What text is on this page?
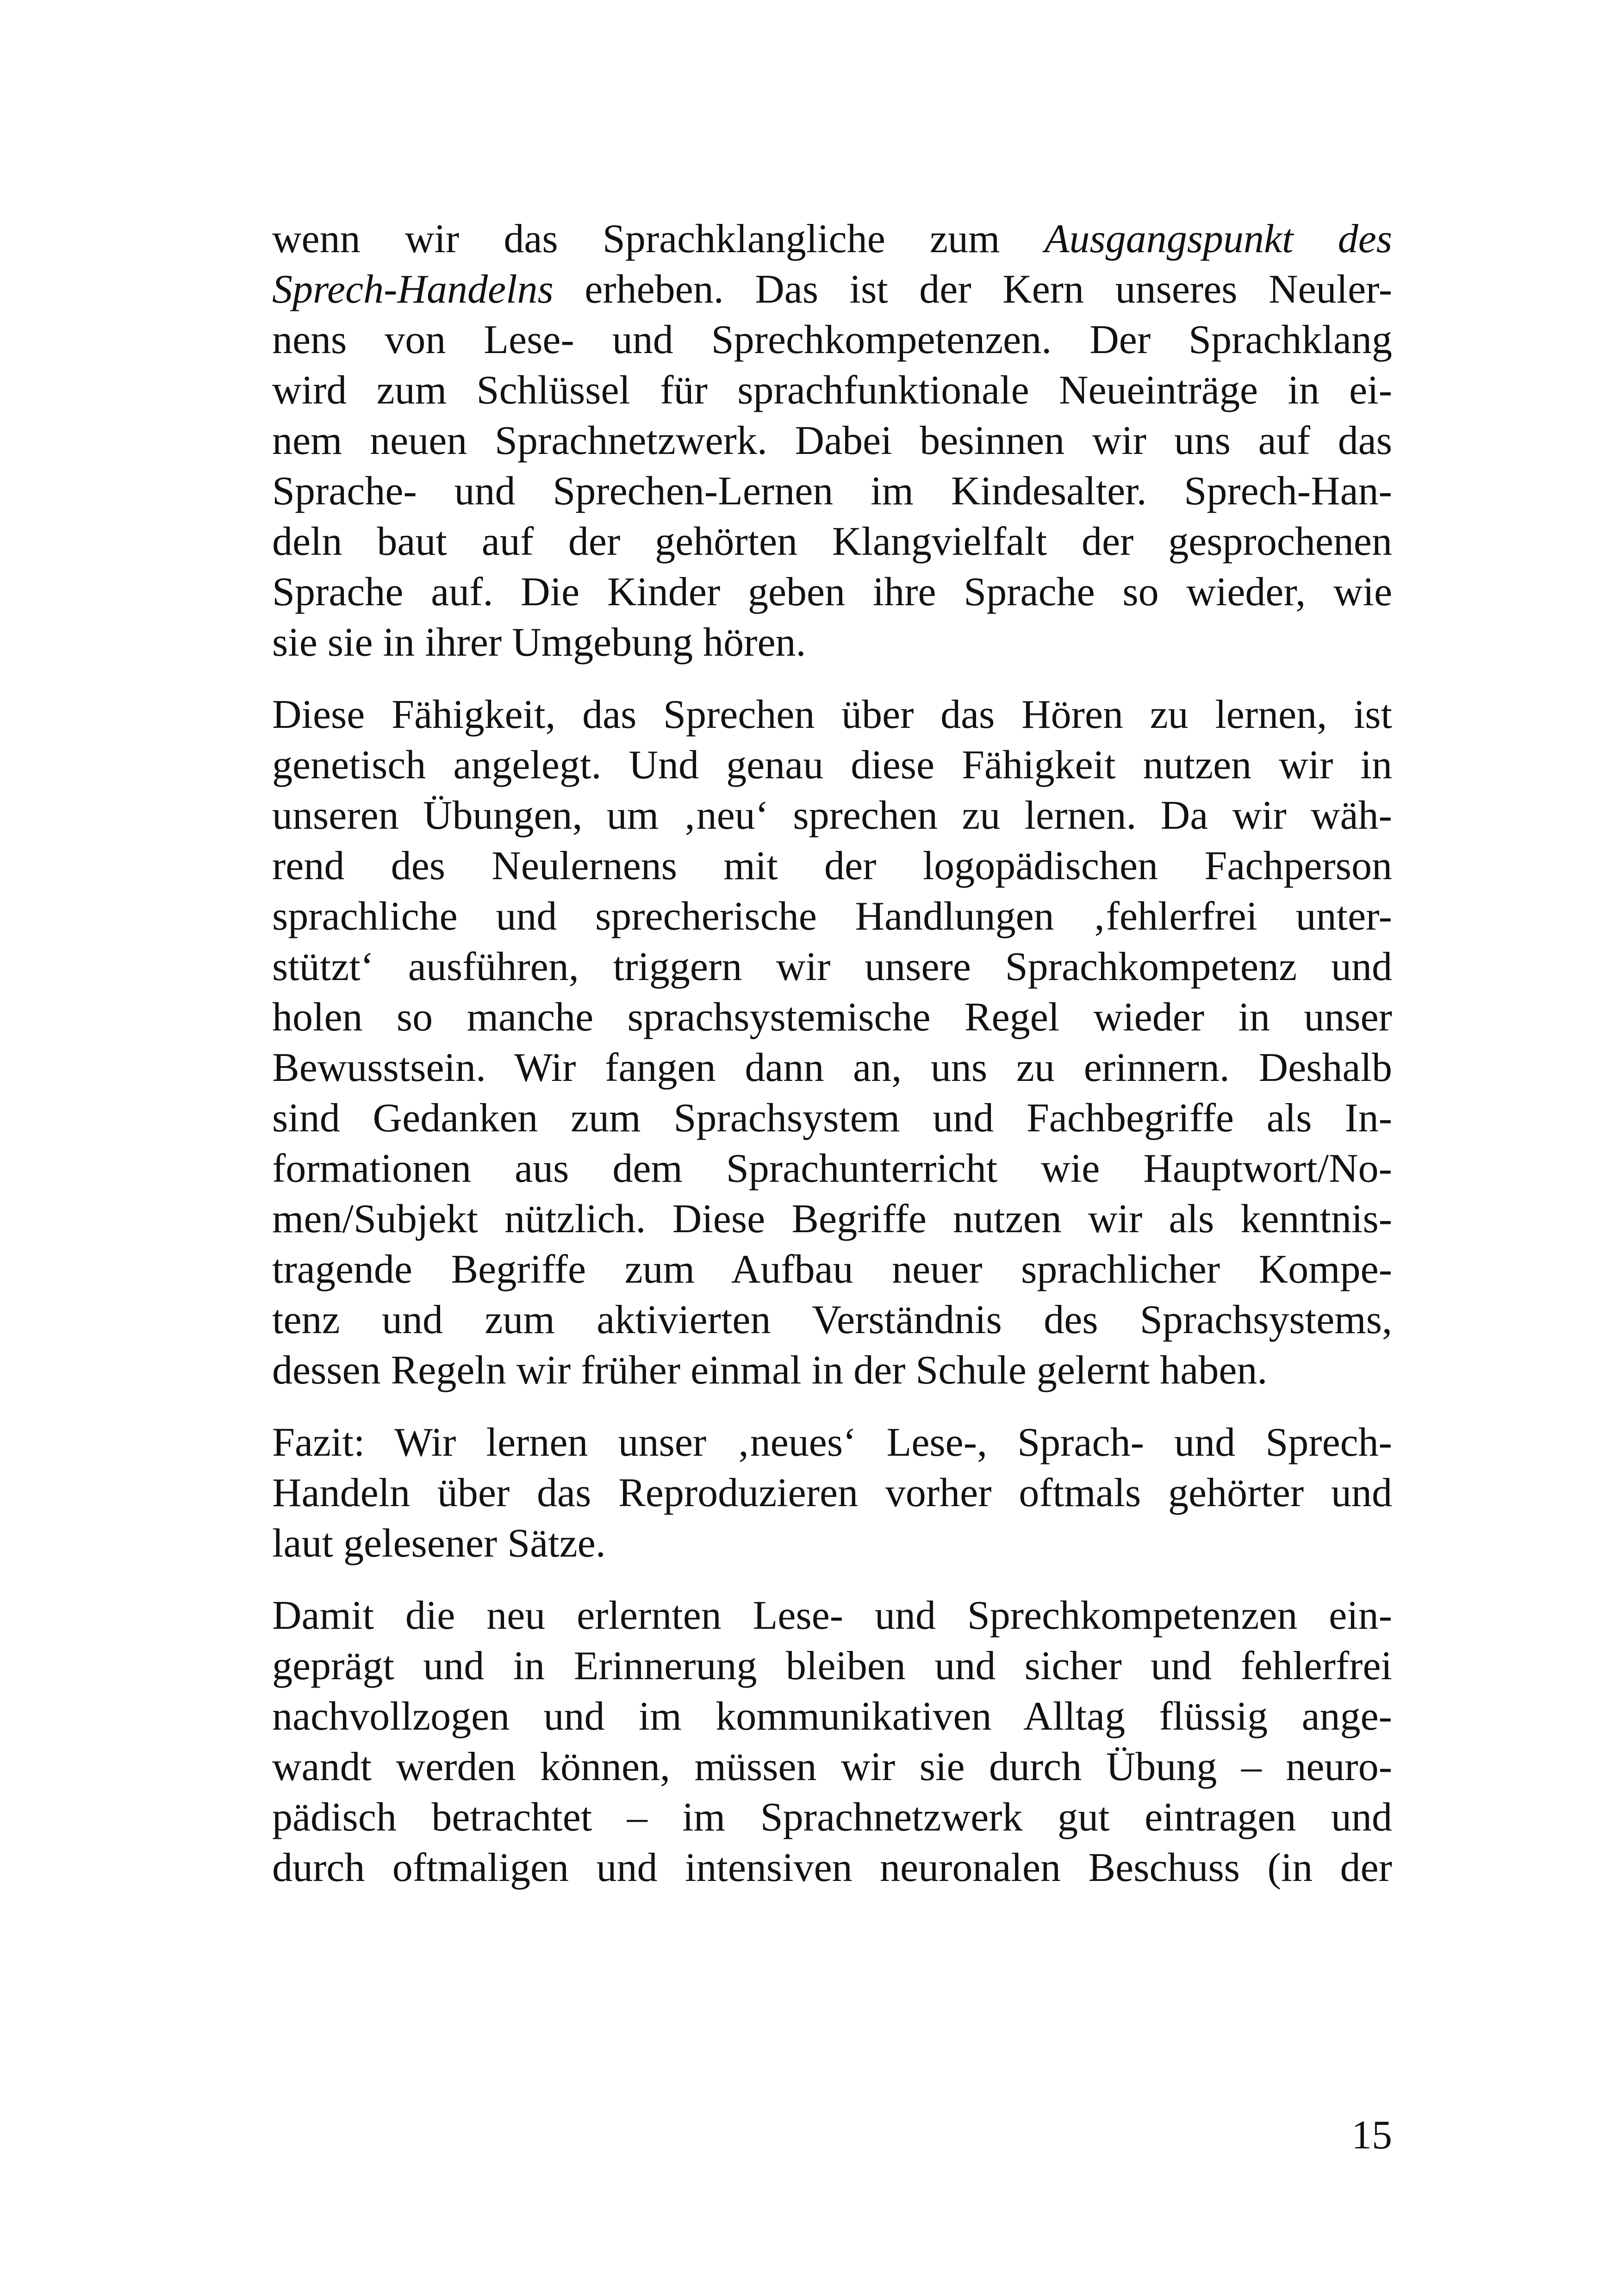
wenn wir das Sprachklangliche zum Ausgangspunkt des
Sprech-Handelns erheben. Das ist der Kern unseres Neuler-
nens von Lese- und Sprechkompetenzen. Der Sprachklang
wird zum Schlüssel für sprachfunktionale Neueinträge in ei-
nem neuen Sprachnetzwerk. Dabei besinnen wir uns auf das
Sprache- und Sprechen-Lernen im Kindesalter. Sprech-Han-
deln baut auf der gehörten Klangvielfalt der gesprochenen
Sprache auf. Die Kinder geben ihre Sprache so wieder, wie
sie sie in ihrer Umgebung hören.

Diese Fähigkeit, das Sprechen über das Hören zu lernen, ist
genetisch angelegt. Und genau diese Fähigkeit nutzen wir in
unseren Übungen, um ‚neu‘ sprechen zu lernen. Da wir wäh-
rend des Neulernens mit der logopädischen Fachperson
sprachliche und sprecherische Handlungen ‚fehlerfrei unter-
stützt‘ ausführen, triggern wir unsere Sprachkompetenz und
holen so manche sprachsystemische Regel wieder in unser
Bewusstsein. Wir fangen dann an, uns zu erinnern. Deshalb
sind Gedanken zum Sprachsystem und Fachbegriffe als In-
formationen aus dem Sprachunterricht wie Hauptwort/No-
men/Subjekt nützlich. Diese Begriffe nutzen wir als kenntnis-
tragende Begriffe zum Aufbau neuer sprachlicher Kompe-
tenz und zum aktivierten Verständnis des Sprachsystems,
dessen Regeln wir früher einmal in der Schule gelernt haben.

Fazit: Wir lernen unser ‚neues‘ Lese-, Sprach- und Sprech-
Handeln über das Reproduzieren vorher oftmals gehörter und
laut gelesener Sätze.

Damit die neu erlernten Lese- und Sprechkompetenzen ein-
geprägt und in Erinnerung bleiben und sicher und fehlerfrei
nachvollzogen und im kommunikativen Alltag flüssig ange-
wandt werden können, müssen wir sie durch Übung – neuro-
pädisch betrachtet – im Sprachnetzwerk gut eintragen und
durch oftmaligen und intensiven neuronalen Beschuss (in der

15
